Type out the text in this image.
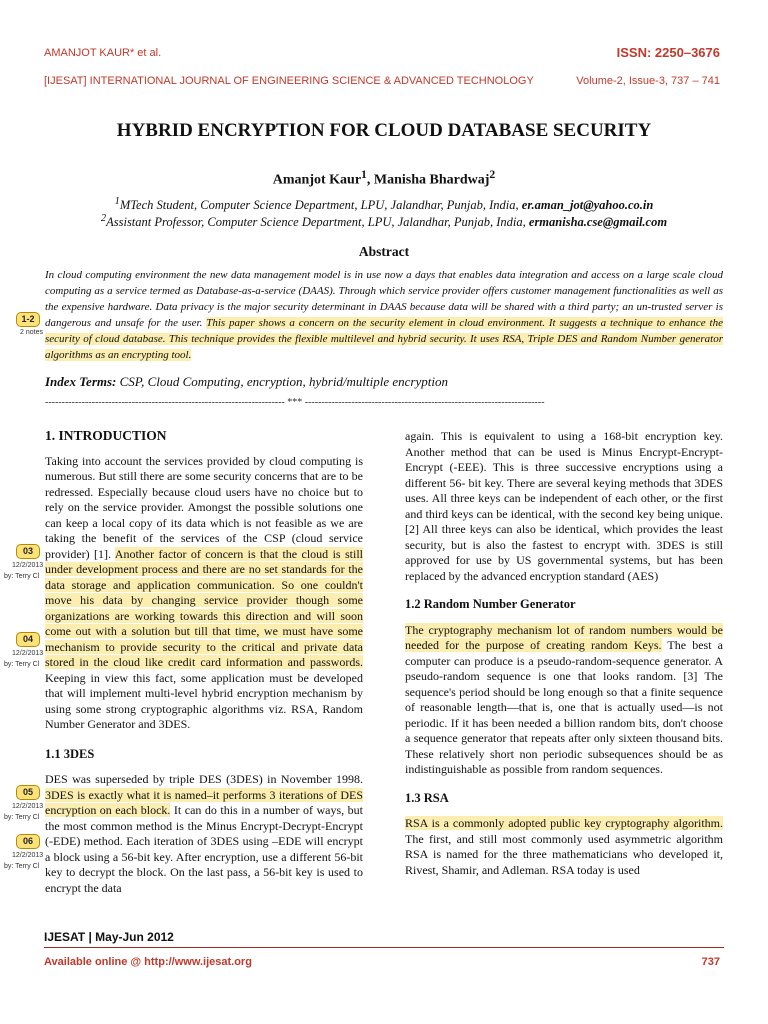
AMANJOT KAUR* et al.	ISSN: 2250–3676
[IJESAT] INTERNATIONAL JOURNAL OF ENGINEERING SCIENCE & ADVANCED TECHNOLOGY	Volume-2, Issue-3, 737 – 741
HYBRID ENCRYPTION FOR CLOUD DATABASE SECURITY
Amanjot Kaur$^1$, Manisha Bhardwaj$^2$
$^1$MTech Student, Computer Science Department, LPU, Jalandhar, Punjab, India, er.aman_jot@yahoo.co.in
$^2$Assistant Professor, Computer Science Department, LPU, Jalandhar, Punjab, India, ermanisha.cse@gmail.com
Abstract
In cloud computing environment the new data management model is in use now a days that enables data integration and access on a large scale cloud computing as a service termed as Database-as-a-service (DAAS). Through which service provider offers customer management functionalities as well as the expensive hardware. Data privacy is the major security determinant in DAAS because data will be shared with a third party; an un-trusted server is dangerous and unsafe for the user. This paper shows a concern on the security element in cloud environment. It suggests a technique to enhance the security of cloud database. This technique provides the flexible multilevel and hybrid security. It uses RSA, Triple DES and Random Number generator algorithms as an encrypting tool.
Index Terms: CSP, Cloud Computing, encryption, hybrid/multiple encryption
------------------------------------------------------------------------ *** ------------------------------------------------------------------------
1. INTRODUCTION
Taking into account the services provided by cloud computing is numerous. But still there are some security concerns that are to be redressed. Especially because cloud users have no choice but to rely on the service provider. Amongst the possible solutions one can keep a local copy of its data which is not feasible as we are taking the benefit of the services of the CSP (cloud service provider) [1]. Another factor of concern is that the cloud is still under development process and there are no set standards for the data storage and application communication. So one couldn't move his data by changing service provider though some organizations are working towards this direction and will soon come out with a solution but till that time, we must have some mechanism to provide security to the critical and private data stored in the cloud like credit card information and passwords. Keeping in view this fact, some application must be developed that will implement multi-level hybrid encryption mechanism by using some strong cryptographic algorithms viz. RSA, Random Number Generator and 3DES.
1.1 3DES
DES was superseded by triple DES (3DES) in November 1998. 3DES is exactly what it is named–it performs 3 iterations of DES encryption on each block. It can do this in a number of ways, but the most common method is the Minus Encrypt-Decrypt-Encrypt (-EDE) method. Each iteration of 3DES using –EDE will encrypt a block using a 56-bit key. After encryption, use a different 56-bit key to decrypt the block. On the last pass, a 56-bit key is used to encrypt the data
again. This is equivalent to using a 168-bit encryption key. Another method that can be used is Minus Encrypt-Encrypt-Encrypt (-EEE). This is three successive encryptions using a different 56- bit key. There are several keying methods that 3DES uses. All three keys can be independent of each other, or the first and third keys can be identical, with the second key being unique. [2] All three keys can also be identical, which provides the least security, but is also the fastest to encrypt with. 3DES is still approved for use by US governmental systems, but has been replaced by the advanced encryption standard (AES)
1.2 Random Number Generator
The cryptography mechanism lot of random numbers would be needed for the purpose of creating random Keys. The best a computer can produce is a pseudo-random-sequence generator. A pseudo-random sequence is one that looks random. [3] The sequence's period should be long enough so that a finite sequence of reasonable length—that is, one that is actually used—is not periodic. If it has been needed a billion random bits, don't choose a sequence generator that repeats after only sixteen thousand bits. These relatively short non periodic subsequences should be as indistinguishable as possible from random sequences.
1.3 RSA
RSA is a commonly adopted public key cryptography algorithm. The first, and still most commonly used asymmetric algorithm RSA is named for the three mathematicians who developed it, Rivest, Shamir, and Adleman. RSA today is used
1-2
2 notes
03
12/2/2013
by: Terry Cl
04
12/2/2013
by: Terry Cl
05
12/2/2013
by: Terry Cl
06
12/2/2013
by: Terry Cl
IJESAT | May-Jun 2012
Available online @ http://www.ijesat.org	737
